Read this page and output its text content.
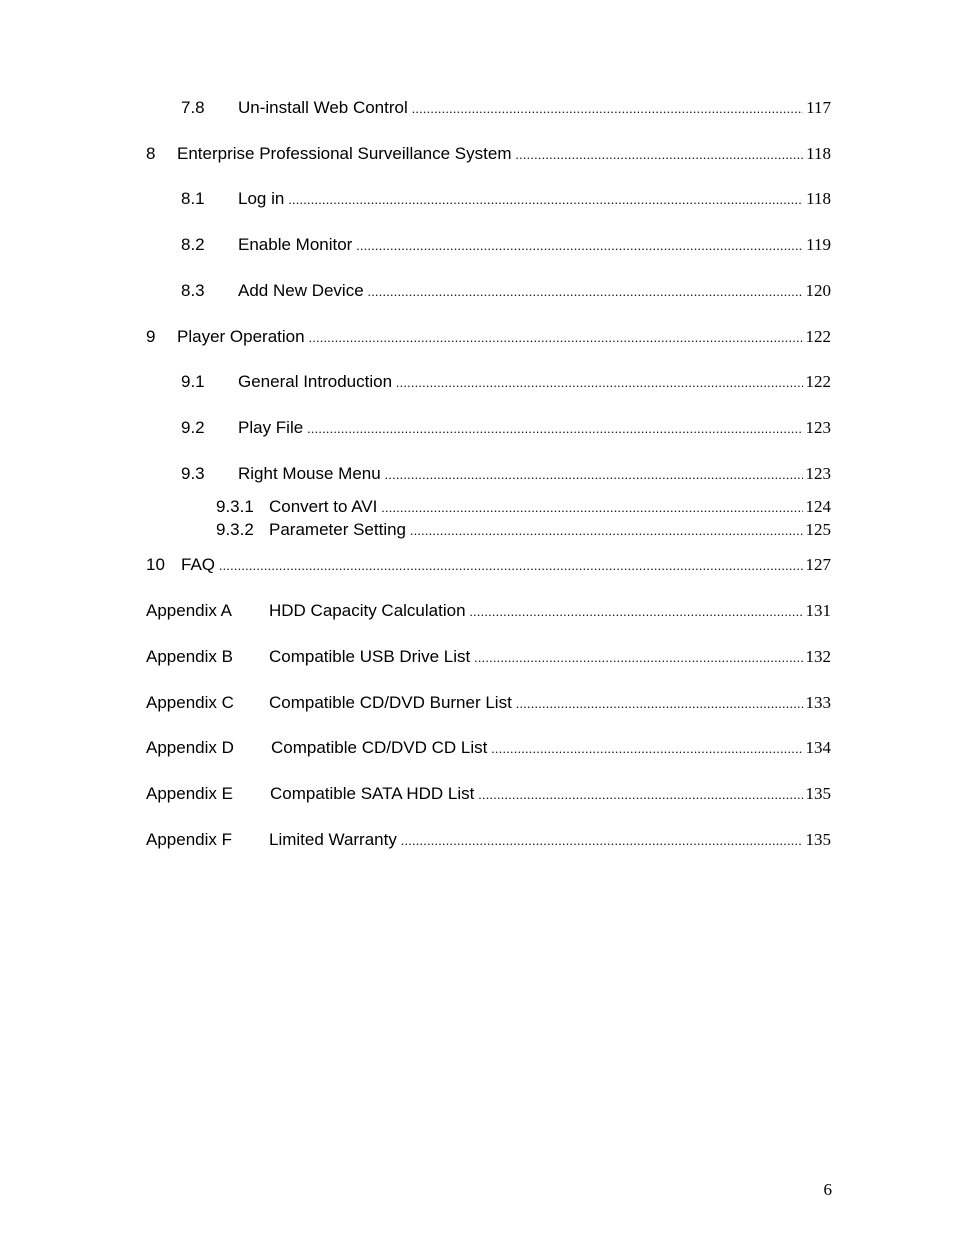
7.8	Un-install Web Control .....	117
8	Enterprise Professional Surveillance System .....	118
8.1	Log in .....	118
8.2	Enable Monitor .....	119
8.3	Add New Device .....	120
9	Player Operation .....	122
9.1	General Introduction .....	122
9.2	Play File .....	123
9.3	Right Mouse Menu .....	123
9.3.1 Convert to AVI .....	124
9.3.2 Parameter Setting .....	125
10 FAQ .....	127
Appendix A	HDD Capacity Calculation .....	131
Appendix B	Compatible USB Drive List .....	132
Appendix C	Compatible CD/DVD Burner List .....	133
Appendix D	Compatible CD/DVD CD List .....	134
Appendix E	Compatible SATA HDD List .....	135
Appendix F	Limited Warranty .....	135
6
